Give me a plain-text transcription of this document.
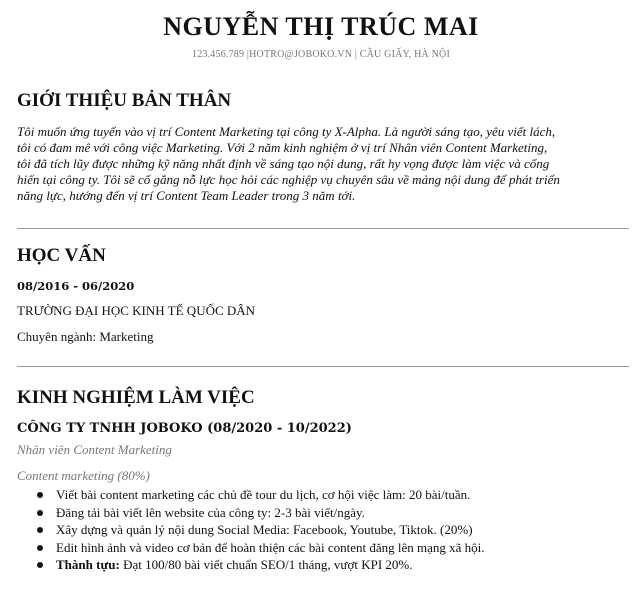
NGUYỄN THỊ TRÚC MAI
123.456.789 |HOTRO@JOBOKO.VN | CẦU GIẤY, HÀ NỘI
GIỚI THIỆU BẢN THÂN
Tôi muốn ứng tuyển vào vị trí Content Marketing tại công ty X-Alpha. Là người sáng tạo, yêu viết lách,
tôi có đam mê với công việc Marketing. Với 2 năm kinh nghiệm ở vị trí Nhân viên Content Marketing,
tôi đã tích lũy được những kỹ năng nhất định về sáng tạo nội dung, rất hy vọng được làm việc và cống
hiến tại công ty. Tôi sẽ cố gắng nỗ lực học hỏi các nghiệp vụ chuyên sâu về mảng nội dung để phát triển
năng lực, hướng đến vị trí Content Team Leader trong 3 năm tới.
HỌC VẤN
08/2016 - 06/2020
TRƯỜNG ĐẠI HỌC KINH TẾ QUỐC DÂN
Chuyên ngành: Marketing
KINH NGHIỆM LÀM VIỆC
CÔNG TY TNHH JOBOKO (08/2020 - 10/2022)
Nhân viên Content Marketing
Content marketing (80%)
Viết bài content marketing các chủ đề tour du lịch, cơ hội việc làm: 20 bài/tuần.
Đăng tải bài viết lên website của công ty: 2-3 bài viết/ngày.
Xây dựng và quản lý nội dung Social Media: Facebook, Youtube, Tiktok. (20%)
Edit hình ảnh và video cơ bản để hoàn thiện các bài content đăng lên mạng xã hội.
Thành tựu: Đạt 100/80 bài viết chuẩn SEO/1 tháng, vượt KPI 20%.
